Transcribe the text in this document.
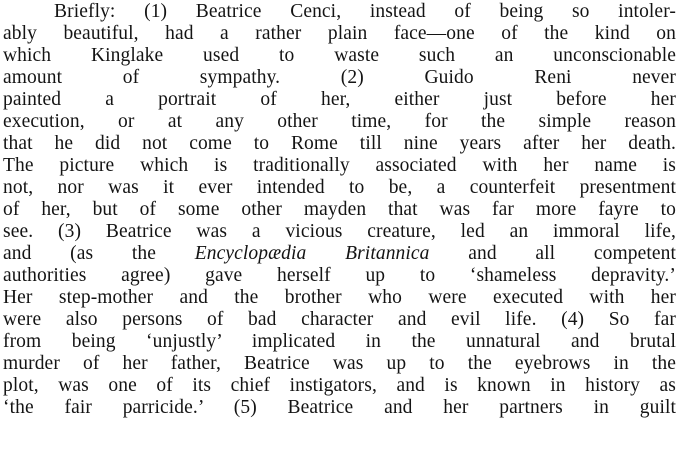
Briefly: (1) Beatrice Cenci, instead of being so intoler-
ably beautiful, had a rather plain face—one of the kind on
which Kinglake used to waste such an unconscionable
amount of sympathy. (2) Guido Reni never
painted a portrait of her, either just before her
execution, or at any other time, for the simple reason
that he did not come to Rome till nine years after her death.
The picture which is traditionally associated with her name is
not, nor was it ever intended to be, a counterfeit presentment
of her, but of some other mayden that was far more fayre to
see. (3) Beatrice was a vicious creature, led an immoral life,
and (as the Encyclopædia Britannica and all competent
authorities agree) gave herself up to ‘shameless depravity.’
Her step-mother and the brother who were executed with her
were also persons of bad character and evil life. (4) So far
from being ‘unjustly’ implicated in the unnatural and brutal
murder of her father, Beatrice was up to the eyebrows in the
plot, was one of its chief instigators, and is known in history as
‘the fair parricide.’ (5) Beatrice and her partners in guilt
